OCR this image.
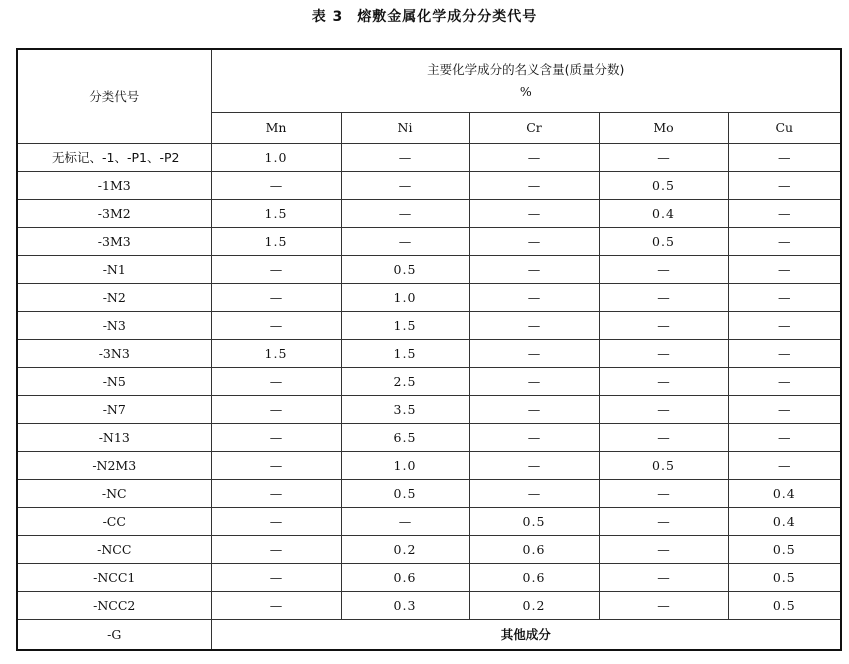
表 3 熔敷金属化学成分分类代号
分类代号	主要化学成分的名义含量(质量分数)
%				

	Mn	Ni	Cr	Mo	Cu
无标记、-1、-P1、-P2	1.0	—	—	—	—
-1M3	—	—	—	0.5	—
-3M2	1.5	—	—	0.4	—
-3M3	1.5	—	—	0.5	—
-N1	—	0.5	—	—	—
-N2	—	1.0	—	—	—
-N3	—	1.5	—	—	—
-3N3	1.5	1.5	—	—	—
-N5	—	2.5	—	—	—
-N7	—	3.5	—	—	—
-N13	—	6.5	—	—	—
-N2M3	—	1.0	—	0.5	—
-NC	—	0.5	—	—	0.4
-CC	—	—	0.5	—	0.4
-NCC	—	0.2	0.6	—	0.5
-NCC1	—	0.6	0.6	—	0.5
-NCC2	—	0.3	0.2	—	0.5
-G	其他成分				
